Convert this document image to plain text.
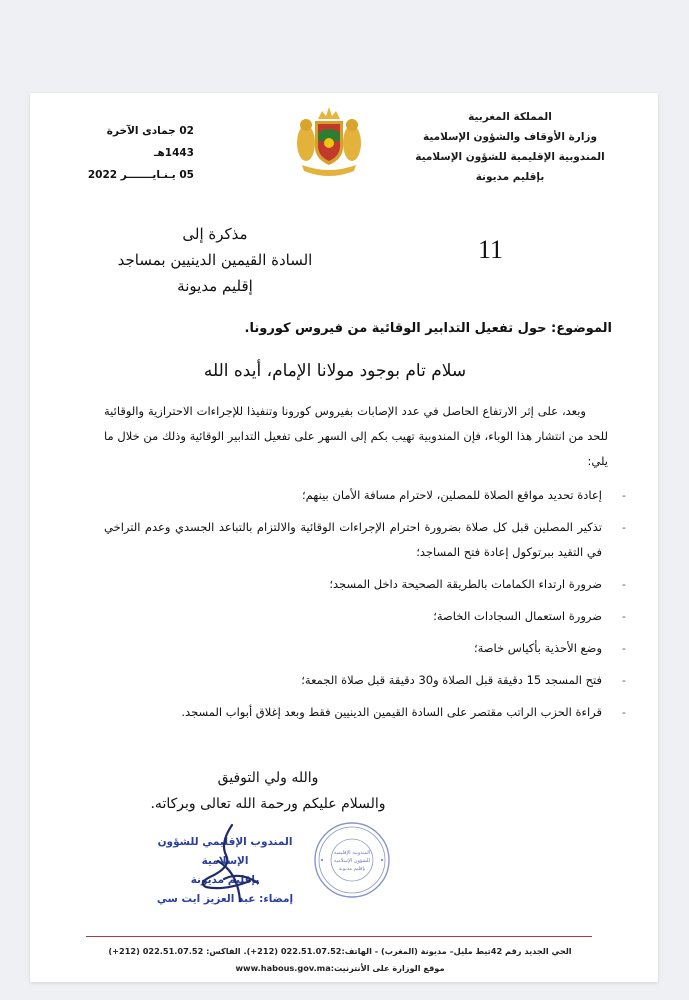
المملكة المغربية
وزارة الأوقاف والشؤون الإسلامية
المندوبية الإقليمية للشؤون الإسلامية
بإقليم مديونة
02 جمادى الآخرة 1443هـ
05 يـنـايـــــــر 2022
مذكرة إلى
السادة القيمين الدينيين بمساجد
إقليم مديونة
11
الموضوع: حول تفعيل التدابير الوقائية من فيروس كورونا.
سلام تام بوجود مولانا الإمام، أيده الله
وبعد، على إثر الارتفاع الحاصل في عدد الإصابات بفيروس كورونا وتنفيذا للإجراءات الاحترازية والوقائية للحد من انتشار هذا الوباء، فإن المندوبية تهيب بكم إلى السهر على تفعيل التدابير الوقائية وذلك من خلال ما يلي:
-
إعادة تحديد مواقع الصلاة للمصلين، لاحترام مسافة الأمان بينهم؛
-
تذكير المصلين قبل كل صلاة بضرورة احترام الإجراءات الوقائية والالتزام بالتباعد الجسدي وعدم التراخي في التقيد ببرتوكول إعادة فتح المساجد؛
-
ضرورة ارتداء الكمامات بالطريقة الصحيحة داخل المسجد؛
-
ضرورة استعمال السجادات الخاصة؛
-
وضع الأحذية بأكياس خاصة؛
-
فتح المسجد 15 دقيقة قبل الصلاة و30 دقيقة قبل صلاة الجمعة؛
-
قراءة الحزب الراتب مقتصر على السادة القيمين الدينيين فقط وبعد إغلاق أبواب المسجد.
والله ولي التوفيق
والسلام عليكم ورحمة الله تعالى وبركاته.
المندوب الإقليمي للشؤون الإسلامية
بإقليم مديونة
إمضاء: عبد العزيز ايت سي
المندوبية الإقليمية
للشؤون الإسلامية
بإقليم مديونة
الحي الجديد رقم 42تيط مليل– مديونة (المغرب) - الهاتف:022.51.07.52 (212+). الفاكس: 022.51.07.52 (212+)
موقع الوزارة على الأنترنيت:www.habous.gov.ma
